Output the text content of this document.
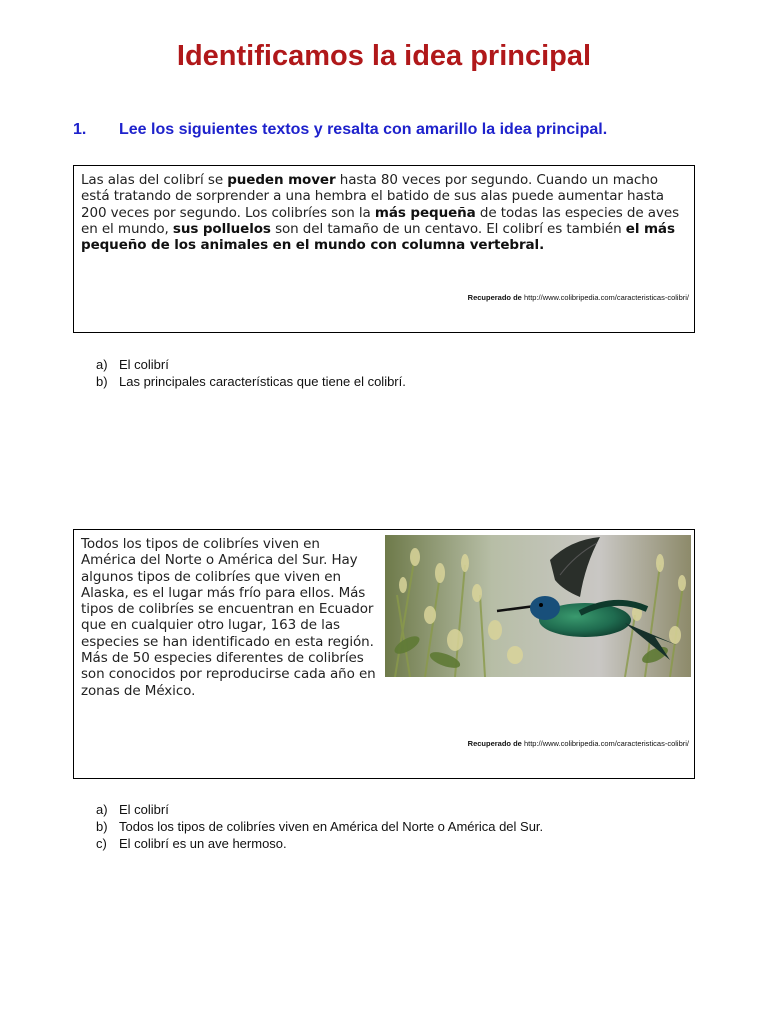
Identificamos la idea principal
1. Lee los siguientes textos y resalta con amarillo la idea principal.
Las alas del colibrí se pueden mover hasta 80 veces por segundo. Cuando un macho está tratando de sorprender a una hembra el batido de sus alas puede aumentar hasta 200 veces por segundo. Los colibríes son la más pequeña de todas las especies de aves en el mundo, sus polluelos son del tamaño de un centavo. El colibrí es también el más pequeño de los animales en el mundo con columna vertebral.
Recuperado de http://www.colibripedia.com/caracteristicas-colibri/
a) El colibrí
b) Las principales características que tiene el colibrí.
Todos los tipos de colibríes viven en América del Norte o América del Sur. Hay algunos tipos de colibríes que viven en Alaska, es el lugar más frío para ellos. Más tipos de colibríes se encuentran en Ecuador que en cualquier otro lugar, 163 de las especies se han identificado en esta región. Más de 50 especies diferentes de colibríes son conocidos por reproducirse cada año en zonas de México.
Recuperado de http://www.colibripedia.com/caracteristicas-colibri/
a) El colibrí
b) Todos los tipos de colibríes viven en América del Norte o América del Sur.
c) El colibrí es un ave hermoso.
